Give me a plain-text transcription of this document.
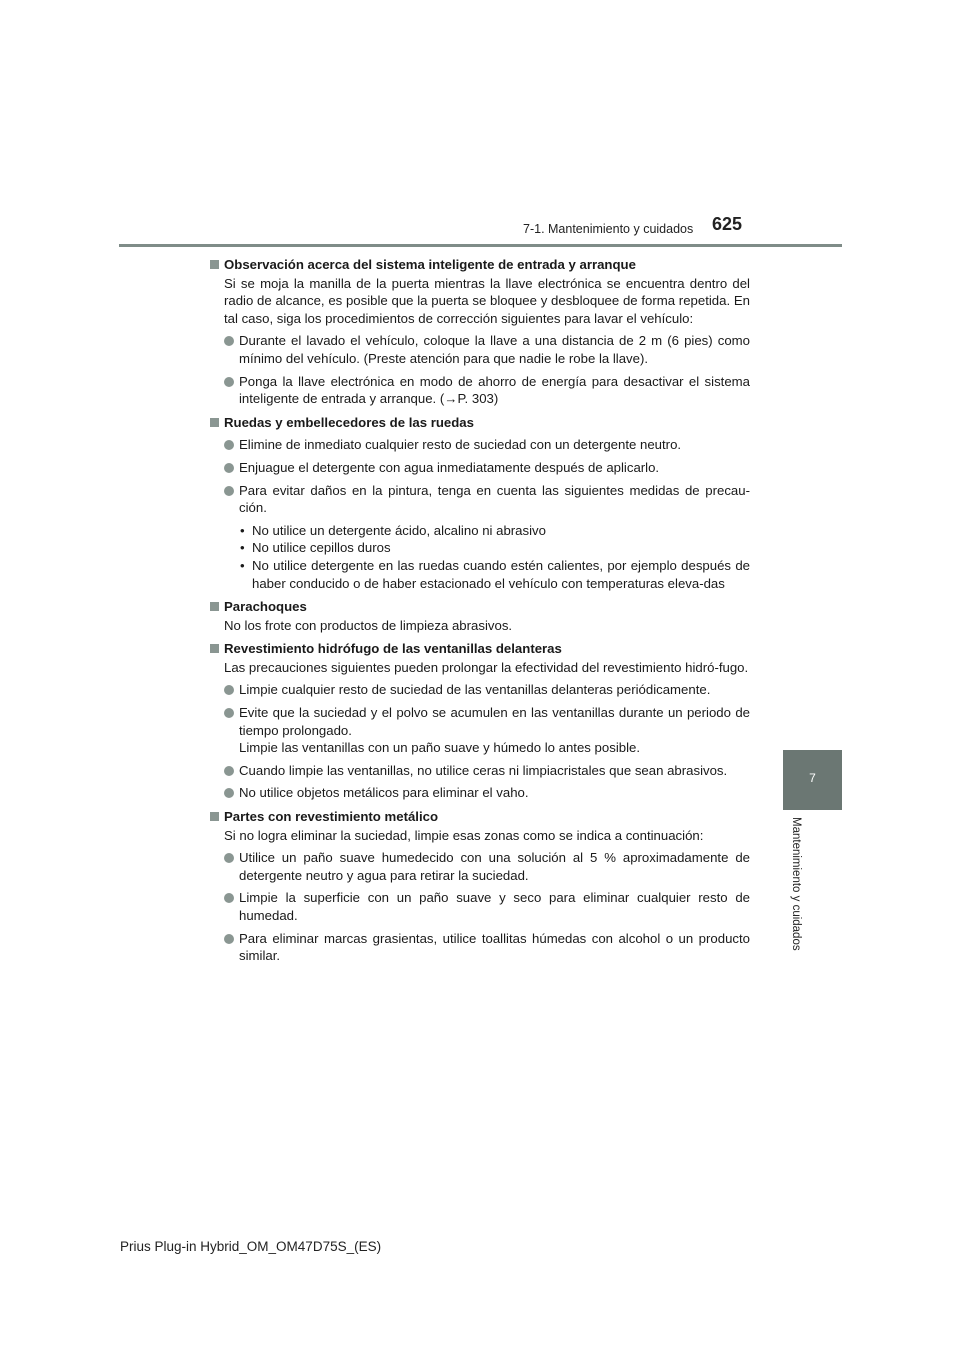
7-1. Mantenimiento y cuidados 625
7
Mantenimiento y cuidados
Observación acerca del sistema inteligente de entrada y arranque
Si se moja la manilla de la puerta mientras la llave electrónica se encuentra dentro del radio de alcance, es posible que la puerta se bloquee y desbloquee de forma repetida. En tal caso, siga los procedimientos de corrección siguientes para lavar el vehículo:
Durante el lavado el vehículo, coloque la llave a una distancia de 2 m (6 pies) como mínimo del vehículo. (Preste atención para que nadie le robe la llave).
Ponga la llave electrónica en modo de ahorro de energía para desactivar el sistema inteligente de entrada y arranque. (→P. 303)
Ruedas y embellecedores de las ruedas
Elimine de inmediato cualquier resto de suciedad con un detergente neutro.
Enjuague el detergente con agua inmediatamente después de aplicarlo.
Para evitar daños en la pintura, tenga en cuenta las siguientes medidas de precau-ción.
• No utilice un detergente ácido, alcalino ni abrasivo
• No utilice cepillos duros
• No utilice detergente en las ruedas cuando estén calientes, por ejemplo después de haber conducido o de haber estacionado el vehículo con temperaturas eleva-das
Parachoques
No los frote con productos de limpieza abrasivos.
Revestimiento hidrófugo de las ventanillas delanteras
Las precauciones siguientes pueden prolongar la efectividad del revestimiento hidró-fugo.
Limpie cualquier resto de suciedad de las ventanillas delanteras periódicamente.
Evite que la suciedad y el polvo se acumulen en las ventanillas durante un periodo de tiempo prolongado.
Limpie las ventanillas con un paño suave y húmedo lo antes posible.
Cuando limpie las ventanillas, no utilice ceras ni limpiacristales que sean abrasivos.
No utilice objetos metálicos para eliminar el vaho.
Partes con revestimiento metálico
Si no logra eliminar la suciedad, limpie esas zonas como se indica a continuación:
Utilice un paño suave humedecido con una solución al 5 % aproximadamente de detergente neutro y agua para retirar la suciedad.
Limpie la superficie con un paño suave y seco para eliminar cualquier resto de humedad.
Para eliminar marcas grasientas, utilice toallitas húmedas con alcohol o un producto similar.
Prius Plug-in Hybrid_OM_OM47D75S_(ES)
